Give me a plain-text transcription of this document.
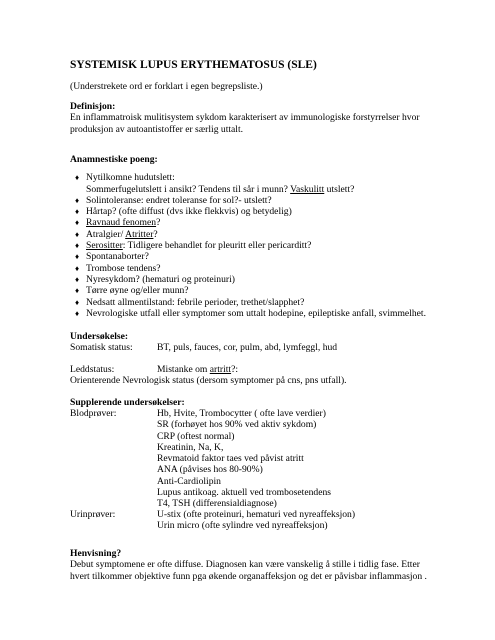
SYSTEMISK LUPUS ERYTHEMATOSUS (SLE)
(Understrekete ord er forklart i egen begrepsliste.)
Definisjon:
En inflammatroisk mulitisystem sykdom karakterisert av immunologiske forstyrrelser hvor
produksjon av autoantistoffer er særlig uttalt.
Anamnestiske poeng:
♦ Nytilkomne hudutslett:
Sommerfugelutslett i ansikt? Tendens til sår i munn? Vaskulitt utslett?
♦ Solintoleranse: endret toleranse for sol?- utslett?
♦ Hårtap? (ofte diffust (dvs ikke flekkvis) og betydelig)
♦ Ravnaud fenomen?
♦ Atralgier/ Atritter?
♦ Serositter: Tidligere behandlet for pleuritt eller pericarditt?
♦ Spontanaborter?
♦ Trombose tendens?
♦ Nyresykdom? (hematuri og proteinuri)
♦ Tørre øyne og/eller munn?
♦ Nedsatt allmentilstand: febrile perioder, trethet/slapphet?
♦ Nevrologiske utfall eller symptomer som uttalt hodepine, epileptiske anfall, svimmelhet.
Undersøkelse:
Somatisk status:	BT, puls, fauces, cor, pulm, abd, lymfeggl, hud
Leddstatus:	Mistanke om artritt?:
Orienterende Nevrologisk status (dersom symptomer på cns, pns utfall).
Supplerende undersøkelser:
Blodprøver:	Hb, Hvite, Trombocytter ( ofte lave verdier)
SR (forhøyet hos 90% ved aktiv sykdom)
CRP (oftest normal)
Kreatinin, Na, K,
Revmatoid faktor taes ved påvist atritt
ANA (påvises hos 80-90%)
Anti-Cardiolipin
Lupus antikoag. aktuell ved trombosetendens
T4, TSH (differensialdiagnose)
Urinprøver:	U-stix (ofte proteinuri, hematuri ved nyreaffeksjon)
Urin micro (ofte sylindre ved nyreaffeksjon)
Henvisning?
Debut symptomene er ofte diffuse. Diagnosen kan være vanskelig å stille i tidlig fase. Etter
hvert tilkommer objektive funn pga økende organaffeksjon og det er påvisbar inflammasjon .
